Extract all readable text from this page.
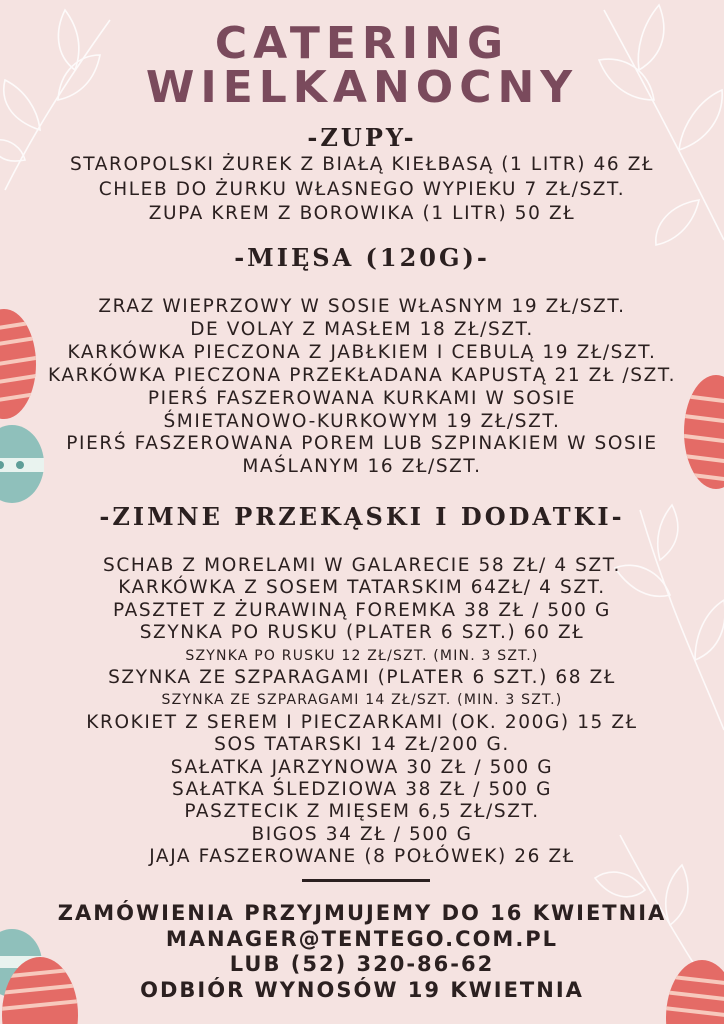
CATERING
WIELKANOCNY
-ZUPY-
STAROPOLSKI ŻUREK Z BIAŁĄ KIEŁBASĄ (1 LITR) 46 ZŁ
CHLEB DO ŻURKU WŁASNEGO WYPIEKU 7 ZŁ/SZT.
ZUPA KREM Z BOROWIKA (1 LITR) 50 ZŁ
-MIĘSA (120G)-
ZRAZ WIEPRZOWY W SOSIE WŁASNYM 19 ZŁ/SZT.
DE VOLAY Z MASŁEM 18 ZŁ/SZT.
KARKÓWKA PIECZONA Z JABŁKIEM I CEBULĄ 19 ZŁ/SZT.
KARKÓWKA PIECZONA PRZEKŁADANA KAPUSTĄ 21 ZŁ /SZT.
PIERŚ FASZEROWANA KURKAMI W SOSIE
ŚMIETANOWO-KURKOWYM 19 ZŁ/SZT.
PIERŚ FASZEROWANA POREM LUB SZPINAKIEM W SOSIE
MAŚLANYM 16 ZŁ/SZT.
-ZIMNE PRZEKĄSKI I DODATKI-
SCHAB Z MORELAMI W GALARECIE 58 ZŁ/ 4 SZT.
KARKÓWKA Z SOSEM TATARSKIM 64ZŁ/ 4 SZT.
PASZTET Z ŻURAWINĄ FOREMKA 38 ZŁ / 500 G
SZYNKA PO RUSKU (PLATER 6 SZT.) 60 ZŁ
SZYNKA PO RUSKU 12 ZŁ/SZT. (MIN. 3 SZT.)
SZYNKA ZE SZPARAGAMI (PLATER 6 SZT.) 68 ZŁ
SZYNKA ZE SZPARAGAMI 14 ZŁ/SZT. (MIN. 3 SZT.)
KROKIET Z SEREM I PIECZARKAMI (OK. 200G) 15 ZŁ
SOS TATARSKI 14 ZŁ/200 G.
SAŁATKA JARZYNOWA 30 ZŁ / 500 G
SAŁATKA ŚLEDZIOWA 38 ZŁ / 500 G
PASZTECIK Z MIĘSEM 6,5 ZŁ/SZT.
BIGOS 34 ZŁ / 500 G
JAJA FASZEROWANE (8 POŁÓWEK) 26 ZŁ
ZAMÓWIENIA PRZYJMUJEMY DO 16 KWIETNIA
MANAGER@TENTEGO.COM.PL
LUB (52) 320-86-62
ODBIÓR WYNOSÓW 19 KWIETNIA
